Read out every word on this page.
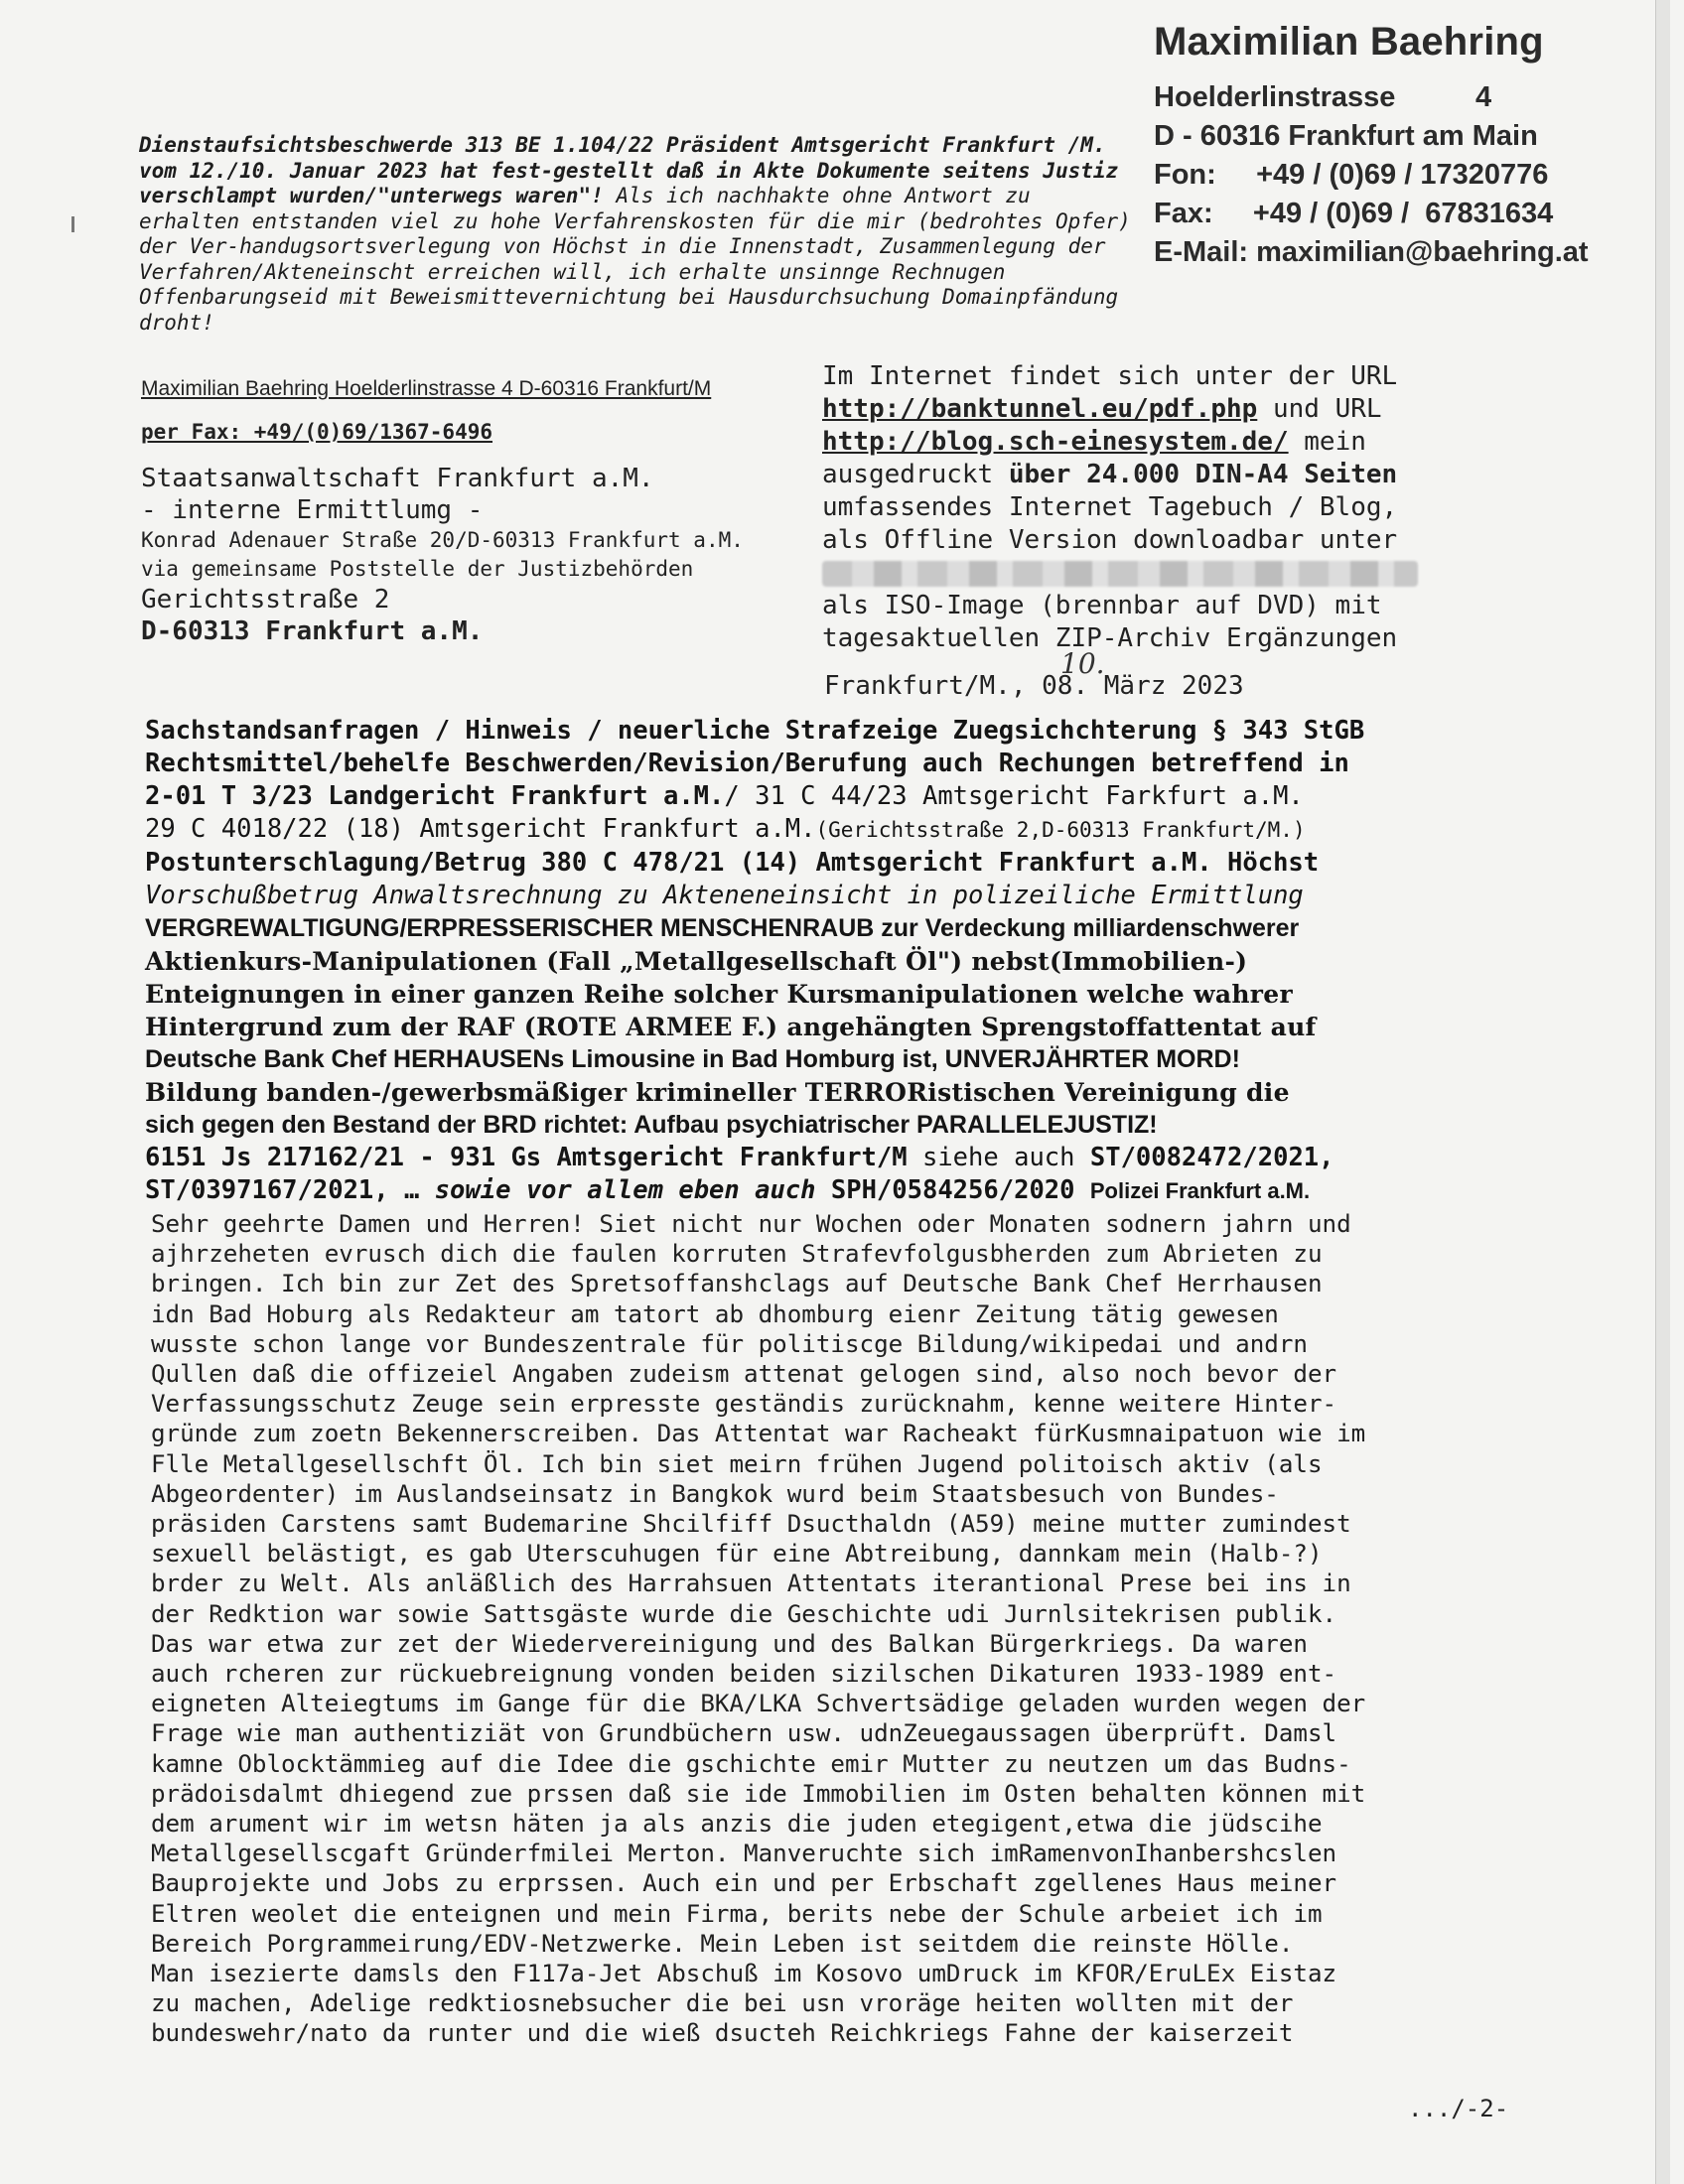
Maximilian Baehring
Hoelderlinstrasse          4
D - 60316 Frankfurt am Main
Fon:     +49 / (0)69 / 17320776
Fax:     +49 / (0)69 /  67831634
E-Mail: maximilian@baehring.at
Dienstaufsichtsbeschwerde 313 BE 1.104/22 Präsident Amtsgericht Frankfurt /M. vom 12./10. Januar 2023 hat fest-gestellt daß in Akte Dokumente seitens Justiz verschlampt wurden/"unterwegs waren"! Als ich nachhakte ohne Antwort zu erhalten entstanden viel zu hohe Verfahrenskosten für die mir (bedrohtes Opfer) der Ver-handugsortsverlegung von Höchst in die Innenstadt, Zusammenlegung der Verfahren/Akteneinscht erreichen will, ich erhalte unsinnge Rechnugen Offenbarungseid mit Beweismittevernichtung bei Hausdurchsuchung Domainpfändung droht!
Maximilian Baehring Hoelderlinstrasse 4 D-60316 Frankfurt/M
per Fax: +49/(0)69/1367-6496
Staatsanwaltschaft Frankfurt a.M.
- interne Ermittlumg -
Konrad Adenauer Straße 20/D-60313 Frankfurt a.M.
via gemeinsame Poststelle der Justizbehörden
Gerichtsstraße 2
D-60313 Frankfurt a.M.
Im Internet findet sich unter der URL
http://banktunnel.eu/pdf.php und URL
http://blog.sch-einesystem.de/ mein
ausgedruckt über 24.000 DIN-A4 Seiten
umfassendes Internet Tagebuch / Blog,
als Offline Version downloadbar unter
als ISO-Image (brennbar auf DVD) mit
tagesaktuellen ZIP-Archiv Ergänzungen
10.
Frankfurt/M., 08. März 2023
Sachstandsanfragen / Hinweis / neuerliche Strafzeige Zuegsichchterung § 343 StGB
Rechtsmittel/behelfe Beschwerden/Revision/Berufung auch Rechungen betreffend in
2-01 T 3/23 Landgericht Frankfurt a.M./ 31 C 44/23 Amtsgericht Farkfurt a.M.
29 C 4018/22 (18) Amtsgericht Frankfurt a.M.(Gerichtsstraße 2,D-60313 Frankfurt/M.)
Postunterschlagung/Betrug 380 C 478/21 (14) Amtsgericht Frankfurt a.M. Höchst
Vorschußbetrug Anwaltsrechnung zu Akteneneinsicht in polizeiliche Ermittlung
VERGREWALTIGUNG/ERPRESSERISCHER MENSCHENRAUB zur Verdeckung milliardenschwerer
Aktienkurs-Manipulationen (Fall „Metallgesellschaft Öl") nebst(Immobilien-)
Enteignungen in einer ganzen Reihe solcher Kursmanipulationen welche wahrer
Hintergrund zum der RAF (ROTE ARMEE F.) angehängten Sprengstoffattentat auf
Deutsche Bank Chef HERHAUSENs Limousine in Bad Homburg ist, UNVERJÄHRTER MORD!
Bildung banden-/gewerbsmäßiger krimineller TERRORistischen Vereinigung die
sich gegen den Bestand der BRD richtet: Aufbau psychiatrischer PARALLELEJUSTIZ!
6151 Js 217162/21 - 931 Gs Amtsgericht Frankfurt/M siehe auch ST/0082472/2021,
ST/0397167/2021, … sowie vor allem eben auch SPH/0584256/2020 Polizei Frankfurt a.M.
Sehr geehrte Damen und Herren! Siet nicht nur Wochen oder Monaten sodnern jahrn und
ajhrzeheten evrusch dich die faulen korruten Strafevfolgusbherden zum Abrieten zu
bringen. Ich bin zur Zet des Spretsoffanshclags auf Deutsche Bank Chef Herrhausen
idn Bad Hoburg als Redakteur am tatort ab dhomburg eienr Zeitung tätig gewesen
wusste schon lange vor Bundeszentrale für politiscge Bildung/wikipedai und andrn
Qullen daß die offizeiel Angaben zudeism attenat gelogen sind, also noch bevor der
Verfassungsschutz Zeuge sein erpresste geständis zurücknahm, kenne weitere Hinter-
gründe zum zoetn Bekennerscreiben. Das Attentat war Racheakt fürKusmnaipatuon wie im
Flle Metallgesellschft Öl. Ich bin siet meirn frühen Jugend politoisch aktiv (als
Abgeordenter) im Auslandseinsatz in Bangkok wurd beim Staatsbesuch von Bundes-
präsiden Carstens samt Budemarine Shcilfiff Dsucthaldn (A59) meine mutter zumindest
sexuell belästigt, es gab Uterscuhugen für eine Abtreibung, dannkam mein (Halb-?)
brder zu Welt. Als anläßlich des Harrahsuen Attentats iterantional Prese bei ins in
der Redktion war sowie Sattsgäste wurde die Geschichte udi Jurnlsitekrisen publik.
Das war etwa zur zet der Wiedervereinigung und des Balkan Bürgerkriegs. Da waren
auch rcheren zur rückuebreignung vonden beiden sizilschen Dikaturen 1933-1989 ent-
eigneten Alteiegtums im Gange für die BKA/LKA Schvertsädige geladen wurden wegen der
Frage wie man authentiziät von Grundbüchern usw. udnZeuegaussagen überprüft. Damsl
kamne Oblocktämmieg auf die Idee die gschichte emir Mutter zu neutzen um das Budns-
prädoisdalmt dhiegend zue prssen daß sie ide Immobilien im Osten behalten können mit
dem arument wir im wetsn häten ja als anzis die juden etegigent,etwa die jüdscihe
Metallgesellscgaft Gründerfmilei Merton. Manveruchte sich imRamenvonIhanbershcslen
Bauprojekte und Jobs zu erprssen. Auch ein und per Erbschaft zgellenes Haus meiner
Eltren weolet die enteignen und mein Firma, berits nebe der Schule arbeiet ich im
Bereich Porgrammeirung/EDV-Netzwerke. Mein Leben ist seitdem die reinste Hölle.
Man isezierte damsls den F117a-Jet Abschuß im Kosovo umDruck im KFOR/EruLEx Eistaz
zu machen, Adelige redktiosnebsucher die bei usn vroräge heiten wollten mit der
bundeswehr/nato da runter und die wieß dsucteh Reichkriegs Fahne der kaiserzeit
.../-2-
